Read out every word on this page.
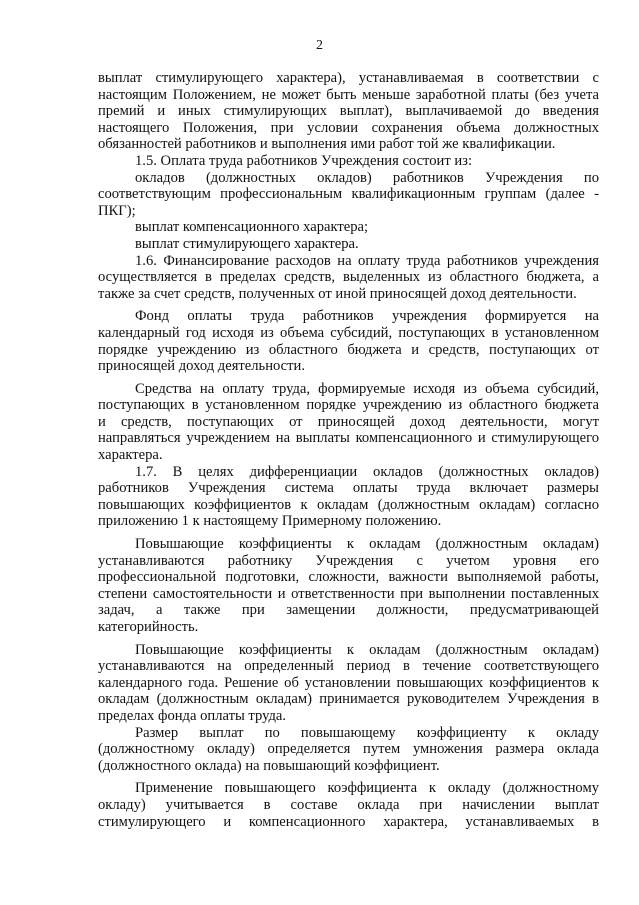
2
выплат стимулирующего характера), устанавливаемая в соответствии с
настоящим Положением, не может быть меньше заработной платы (без учета
премий и иных стимулирующих выплат), выплачиваемой до введения
настоящего Положения, при условии сохранения объема должностных
обязанностей работников и выполнения ими работ той же квалификации.
1.5. Оплата труда работников Учреждения состоит из:
окладов (должностных окладов) работников Учреждения по
соответствующим профессиональным квалификационным группам (далее -
ПКГ);
выплат компенсационного характера;
выплат стимулирующего характера.
1.6. Финансирование расходов на оплату труда работников учреждения
осуществляется в пределах средств, выделенных из областного бюджета, а
также за счет средств, полученных от иной приносящей доход деятельности.
Фонд оплаты труда работников учреждения формируется на
календарный год исходя из объема субсидий, поступающих в установленном
порядке учреждению из областного бюджета и средств, поступающих от
приносящей доход деятельности.
Средства на оплату труда, формируемые исходя из объема субсидий,
поступающих в установленном порядке учреждению из областного бюджета
и средств, поступающих от приносящей доход деятельности, могут
направляться учреждением на выплаты компенсационного и стимулирующего
характера.
1.7. В целях дифференциации окладов (должностных окладов)
работников Учреждения система оплаты труда включает размеры
повышающих коэффициентов к окладам (должностным окладам) согласно
приложению 1 к настоящему Примерному положению.
Повышающие коэффициенты к окладам (должностным окладам)
устанавливаются работнику Учреждения с учетом уровня его
профессиональной подготовки, сложности, важности выполняемой работы,
степени самостоятельности и ответственности при выполнении поставленных
задач, а также при замещении должности, предусматривающей
категорийность.
Повышающие коэффициенты к окладам (должностным окладам)
устанавливаются на определенный период в течение соответствующего
календарного года. Решение об установлении повышающих коэффициентов к
окладам (должностным окладам) принимается руководителем Учреждения в
пределах фонда оплаты труда.
Размер выплат по повышающему коэффициенту к окладу
(должностному окладу) определяется путем умножения размера оклада
(должностного оклада) на повышающий коэффициент.
Применение повышающего коэффициента к окладу (должностному
окладу) учитывается в составе оклада при начислении выплат
стимулирующего и компенсационного характера, устанавливаемых в
